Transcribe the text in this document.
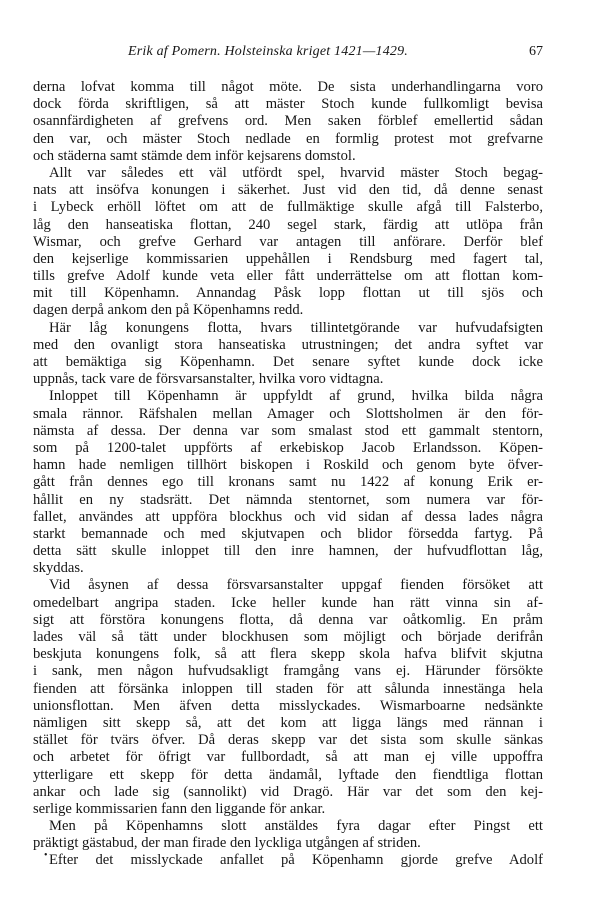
Erik af Pomern. Holsteinska kriget 1421—1429.	67
derna lofvat komma till något möte. De sista underhandlingarna voro
dock förda skriftligen, så att mäster Stoch kunde fullkomligt bevisa
osannfärdigheten af grefvens ord. Men saken förblef emellertid sådan
den var, och mäster Stoch nedlade en formlig protest mot grefvarne
och städerna samt stämde dem inför kejsarens domstol.
Allt var således ett väl utfördt spel, hvarvid mäster Stoch begag-
nats att insöfva konungen i säkerhet. Just vid den tid, då denne senast
i Lybeck erhöll löftet om att de fullmäktige skulle afgå till Falsterbo,
låg den hanseatiska flottan, 240 segel stark, färdig att utlöpa från
Wismar, och grefve Gerhard var antagen till anförare. Derför blef
den kejserlige kommissarien uppehållen i Rendsburg med fagert tal,
tills grefve Adolf kunde veta eller fått underrättelse om att flottan kom-
mit till Köpenhamn. Annandag Påsk lopp flottan ut till sjös och
dagen derpå ankom den på Köpenhamns redd.
Här låg konungens flotta, hvars tillintetgörande var hufvudafsigten
med den ovanligt stora hanseatiska utrustningen; det andra syftet var
att bemäktiga sig Köpenhamn. Det senare syftet kunde dock icke
uppnås, tack vare de försvarsanstalter, hvilka voro vidtagna.
Inloppet till Köpenhamn är uppfyldt af grund, hvilka bilda några
smala rännor. Räfshalen mellan Amager och Slottsholmen är den för-
nämsta af dessa. Der denna var som smalast stod ett gammalt stentorn,
som på 1200-talet uppförts af erkebiskop Jacob Erlandsson. Köpen-
hamn hade nemligen tillhört biskopen i Roskild och genom byte öfver-
gått från dennes ego till kronans samt nu 1422 af konung Erik er-
hållit en ny stadsrätt. Det nämnda stentornet, som numera var för-
fallet, användes att uppföra blockhus och vid sidan af dessa lades några
starkt bemannade och med skjutvapen och blidor försedda fartyg. På
detta sätt skulle inloppet till den inre hamnen, der hufvudflottan låg,
skyddas.
Vid åsynen af dessa försvarsanstalter uppgaf fienden försöket att
omedelbart angripa staden. Icke heller kunde han rätt vinna sin af-
sigt att förstöra konungens flotta, då denna var oåtkomlig. En pråm
lades väl så tätt under blockhusen som möjligt och började derifrån
beskjuta konungens folk, så att flera skepp skola hafva blifvit skjutna
i sank, men någon hufvudsakligt framgång vans ej. Härunder försökte
fienden att försänka inloppen till staden för att sålunda innestänga hela
unionsflottan. Men äfven detta misslyckades. Wismarboarne nedsänkte
nämligen sitt skepp så, att det kom att ligga längs med rännan i
stället för tvärs öfver. Då deras skepp var det sista som skulle sänkas
och arbetet för öfrigt var fullbordadt, så att man ej ville uppoffra
ytterligare ett skepp för detta ändamål, lyftade den fiendtliga flottan
ankar och lade sig (sannolikt) vid Dragö. Här var det som den kej-
serlige kommissarien fann den liggande för ankar.
Men på Köpenhamns slott anstäldes fyra dagar efter Pingst ett
präktigt gästabud, der man firade den lyckliga utgången af striden.
Efter det misslyckade anfallet på Köpenhamn gjorde grefve Adolf
•
